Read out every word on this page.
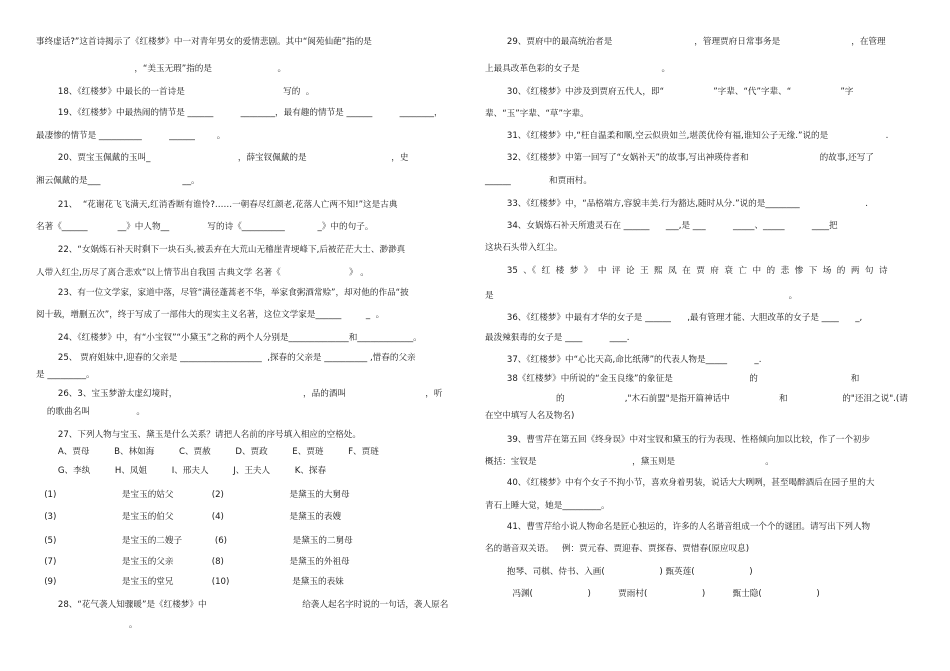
事终虚话?”这首诗揭示了《红楼梦》中一对青年男女的爱情悲剧。其中“阆苑仙葩”指的是
，“美玉无瑕”指的是                        。
18、《红楼梦》中最长的一首诗是                                    写的  。
19、《红楼梦》中最热闹的情节是 ______          ________，最有趣的情节是 ______          ________，
最凄惨的情节是 __________          ______        。
20、贾宝玉佩戴的玉叫_                                ，薛宝钗佩戴的是                               ，史
湘云佩戴的是___                              __。
21、  “花谢花飞飞满天,红消香断有谁怜?……一朝春尽红颜老,花落人亡两不知!”这是古典
名著《______           __》中人物__              写的诗《__________            _》中的句子。
22、“女娲炼石补天时剩下一块石头,被丢弃在大荒山无稽崖青埂峰下,后被茫茫大士、渺渺真
人带入红尘,历尽了离合悲欢”以上情节出自我国 古典文学 名著《                         》 。
23、有一位文学家，家道中落，尽管“满径蓬蒿老不华，举家食粥酒常赊”，却对他的作品“披
阅十载，增删五次”，终于写成了一部伟大的现实主义名著，这位文学家是______         _  。
24、《红楼梦》中，有“小宝钗”“小黛玉”之称的两个人分别是______________和_____________。
25、 贾府姐妹中,迎春的父亲是 ___________________  ,探春的父亲是 __________ ,惜春的父亲
是 _________。
26、3、宝玉梦游太虚幻境时，                                              ，品的酒叫                             ，听
的歌曲名叫                 。
27、下列人物与宝玉、黛玉是什么关系？请把人名前的序号填入相应的空格处。
A、贾母         B、林如海         C、贾赦         D、贾政         E、贾琏         F、贾琏
G、李纨         H、凤姐         I、邢夫人         J、王夫人         K、探春
(1)                        是宝玉的姑父              (2)                        是黛玉的大舅母
(3)                        是宝玉的伯父              (4)                        是黛玉的表嫂
(5)                        是宝玉的二嫂子            (6)                        是黛玉的二舅母
(7)                        是宝玉的父亲              (8)                        是黛玉的外祖母
(9)                        是宝玉的堂兄              (10)                       是黛玉的表妹
28、“花气袭人知骤暖”是《红楼梦》中                                   给袭人起名字时说的一句话，袭人原名
。
29、贾府中的最高统治者是                              ，管理贾府日常事务是                          ，在管理
上最具改革色彩的女子是                              。
30、《红楼梦》中涉及到贾府五代人，即“                  ”字辈、“代”字辈、“                  ”字
辈、“玉”字辈、“草”字辈。
31、《红楼梦》中,“枉自温柔和顺,空云似贵如兰,堪羡优伶有福,谁知公子无缘.”说的是                     .
32、《红楼梦》中第一回写了“女娲补天”的故事,写出神瑛侍者和                          的故事,还写了
______              和贾雨村。
33、《红楼梦》中，“品格端方,容貌丰美.行为豁达,随时从分.”说的是________                        .
34、女娲炼石补天所遗灵石在 ______      ___,是 ___          _____、_____          ____把
这块石头带入红尘。
35  、《  红  楼  梦  》  中  评  论  王  熙  凤  在  贾  府  衰  亡  中  的  悲  惨  下  场  的  两  句  诗
是                                                                                                            。
36、《红楼梦》中最有才华的女子是 ______      ,最有管理才能、大胆改革的女子是 ____      _,
最泼辣狠毒的女子是 ____          ____.
37、《红楼梦》中“心比天高,命比纸薄”的代表人物是_____          _.
38《红楼梦》中所说的“金玉良缘”的象征是                            的                                  和
的                      ,"木石前盟"是指开篇神话中                  和                    的"还泪之说".(请
在空中填写人名及物名)
39、曹雪芹在第五回《终身误》中对宝钗和黛玉的行为表现、性格倾向加以比较，作了一个初步
概括：宝钗是                                   ，黛玉则是                                 。
40、《红楼梦》中有个女子不拘小节，喜欢身着男装，说话大大咧咧，甚至喝醉酒后在园子里的大
青石上睡大觉，她是_________。
41、曹雪芹给小说人物命名是匠心独运的，许多的人名谐音组成一个个的谜团。请写出下列人物
名的谐音双关语。   例：贾元春、贾迎春、贾探春、贾惜春(原应叹息)
抱琴、司棋、侍书、入画(                    ) 甄英莲(                    )
冯渊(                    )          贾雨村(                    )          甄士隐(                    )
